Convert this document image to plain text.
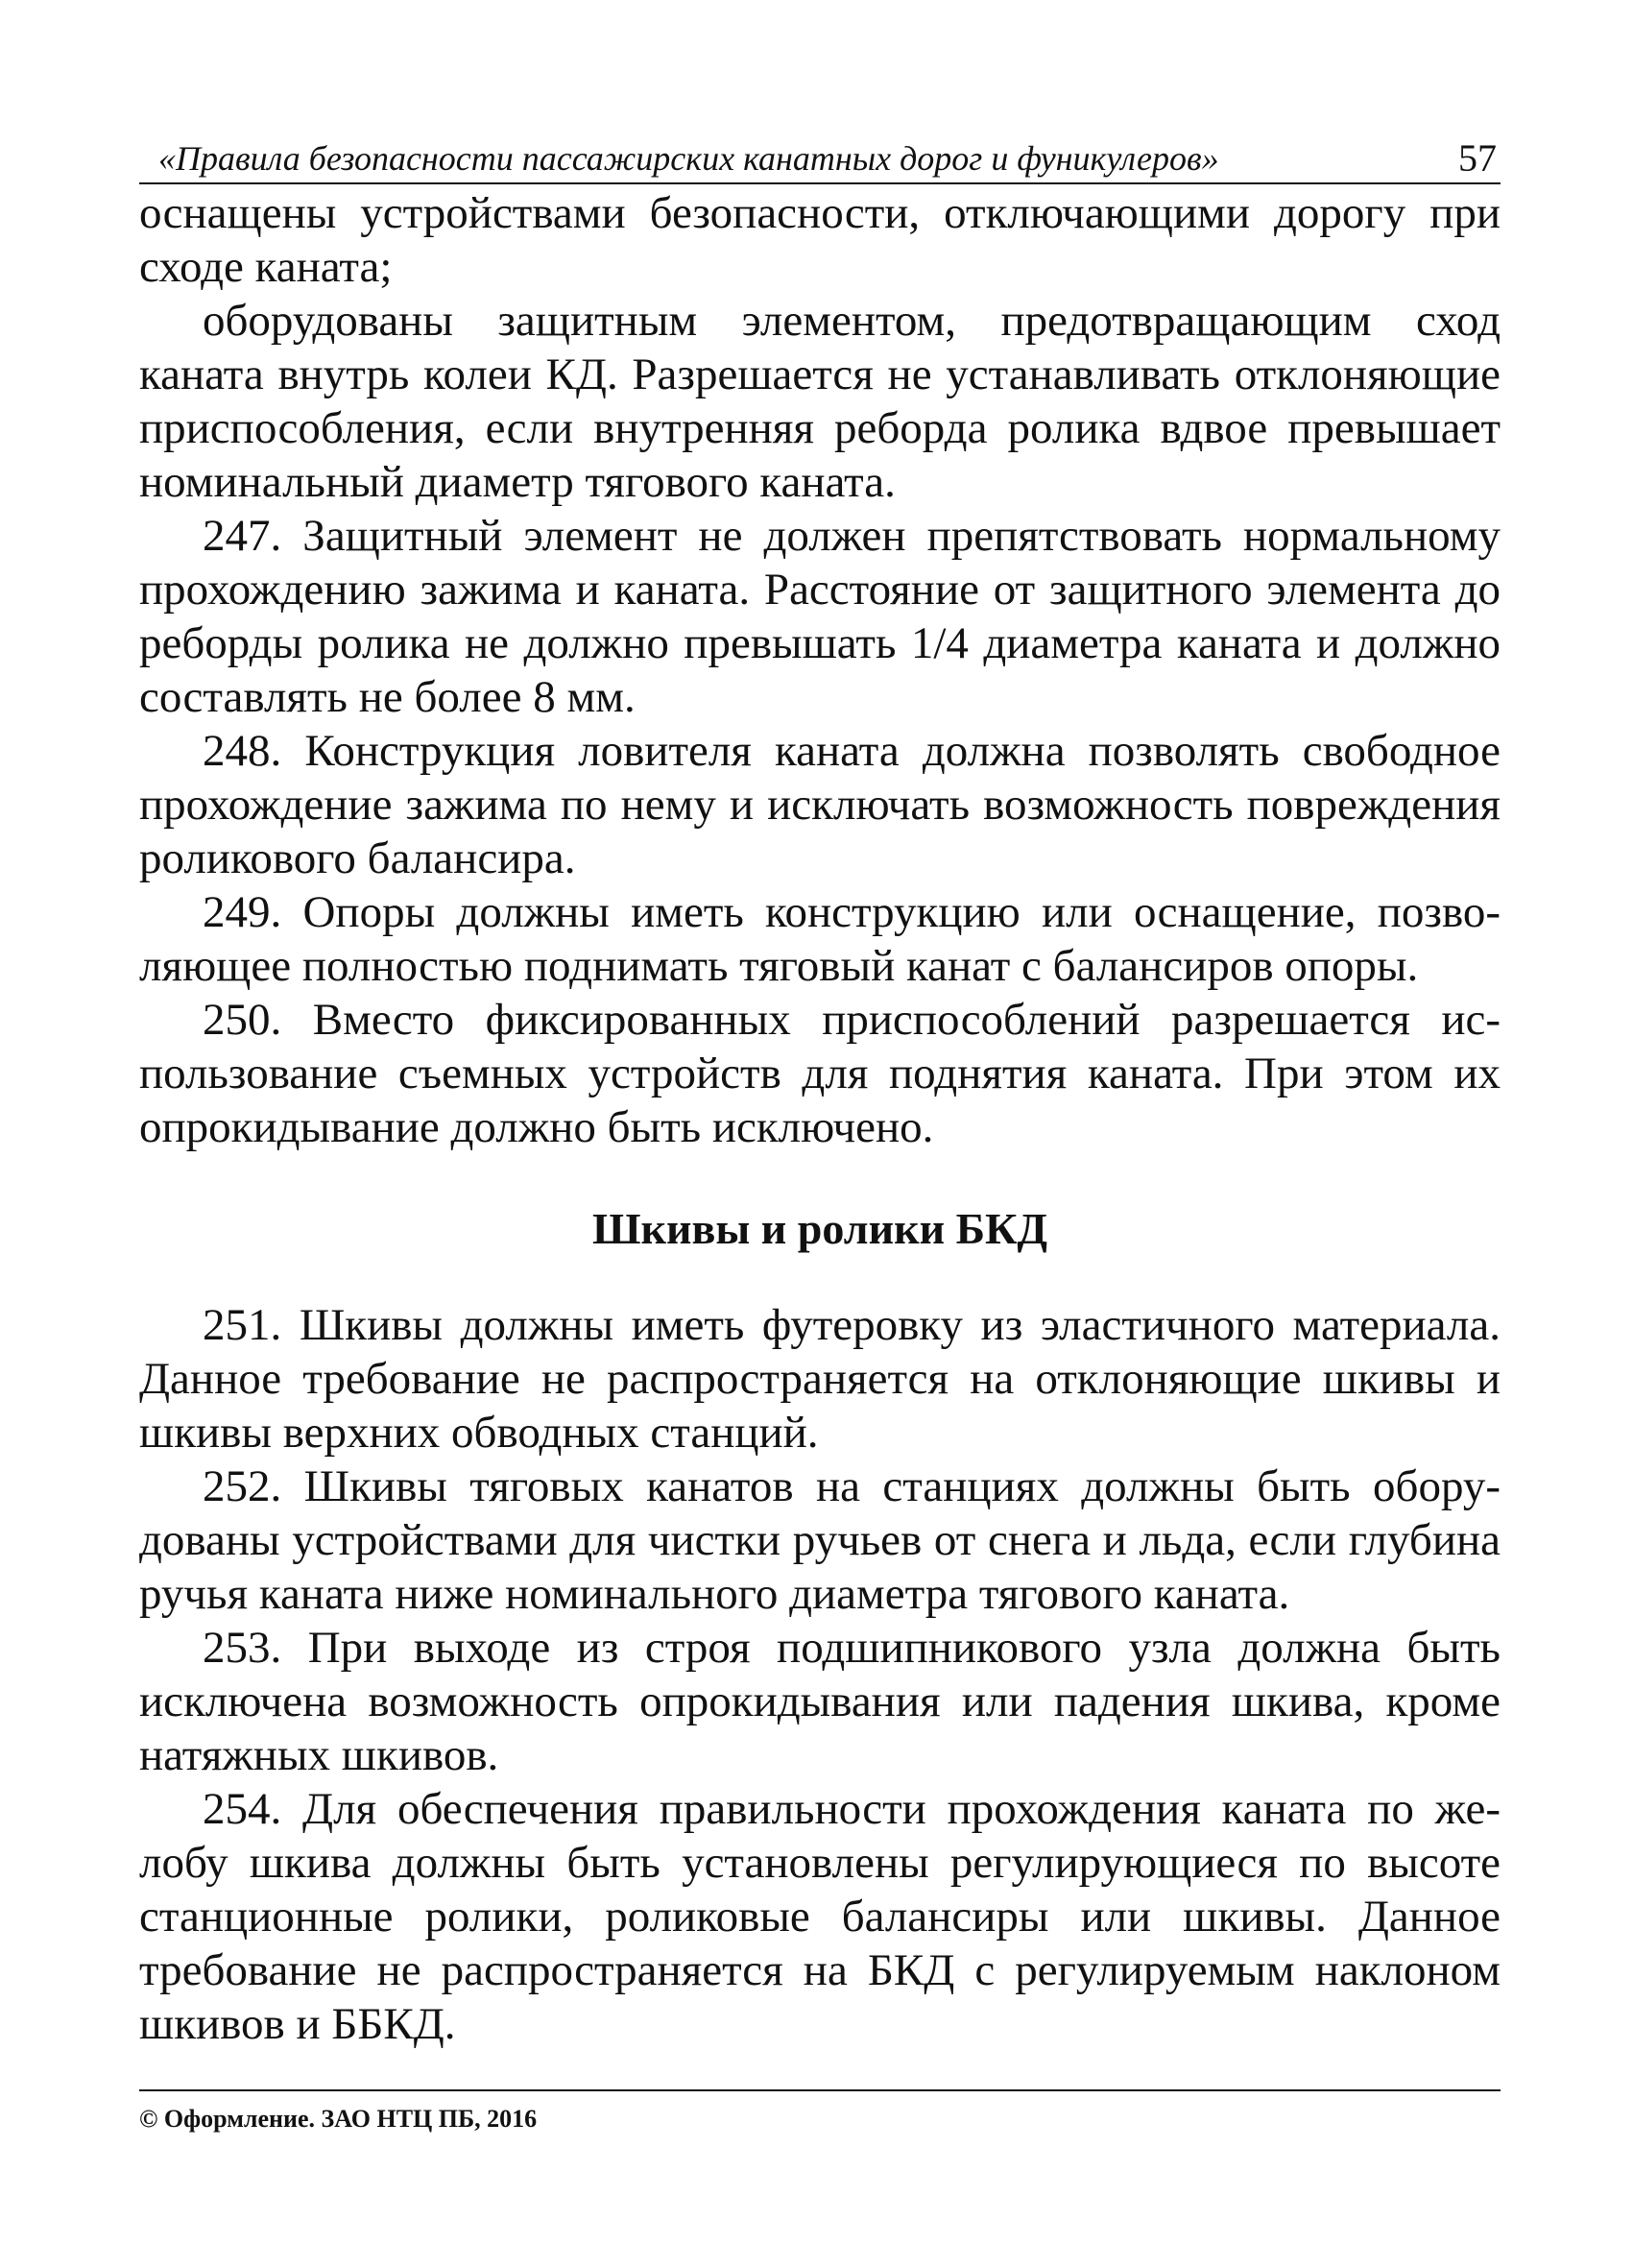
«Правила безопасности пассажирских канатных дорог и фуникулеров»	57

оснащены устройствами безопасности, отключающими дорогу при сходе каната;

оборудованы защитным элементом, предотвращающим сход каната внутрь колеи КД. Разрешается не устанавливать отклоняющие приспособления, если внутренняя реборда ролика вдвое превышает номинальный диаметр тягового каната.

247. Защитный элемент не должен препятствовать нормальному прохождению зажима и каната. Расстояние от защитного элемента до реборды ролика не должно превышать 1/4 диаметра каната и должно составлять не более 8 мм.

248. Конструкция ловителя каната должна позволять свободное прохождение зажима по нему и исключать возможность повреждения роликового балансира.

249. Опоры должны иметь конструкцию или оснащение, позволяющее полностью поднимать тяговый канат с балансиров опоры.

250. Вместо фиксированных приспособлений разрешается использование съемных устройств для поднятия каната. При этом их опрокидывание должно быть исключено.

Шкивы и ролики БКД

251. Шкивы должны иметь футеровку из эластичного материала. Данное требование не распространяется на отклоняющие шкивы и шкивы верхних обводных станций.

252. Шкивы тяговых канатов на станциях должны быть оборудованы устройствами для чистки ручьев от снега и льда, если глубина ручья каната ниже номинального диаметра тягового каната.

253. При выходе из строя подшипникового узла должна быть исключена возможность опрокидывания или падения шкива, кроме натяжных шкивов.

254. Для обеспечения правильности прохождения каната по желобу шкива должны быть установлены регулирующиеся по высоте станционные ролики, роликовые балансиры или шкивы. Данное требование не распространяется на БКД с регулируемым наклоном шкивов и ББКД.

© Оформление. ЗАО НТЦ ПБ, 2016
